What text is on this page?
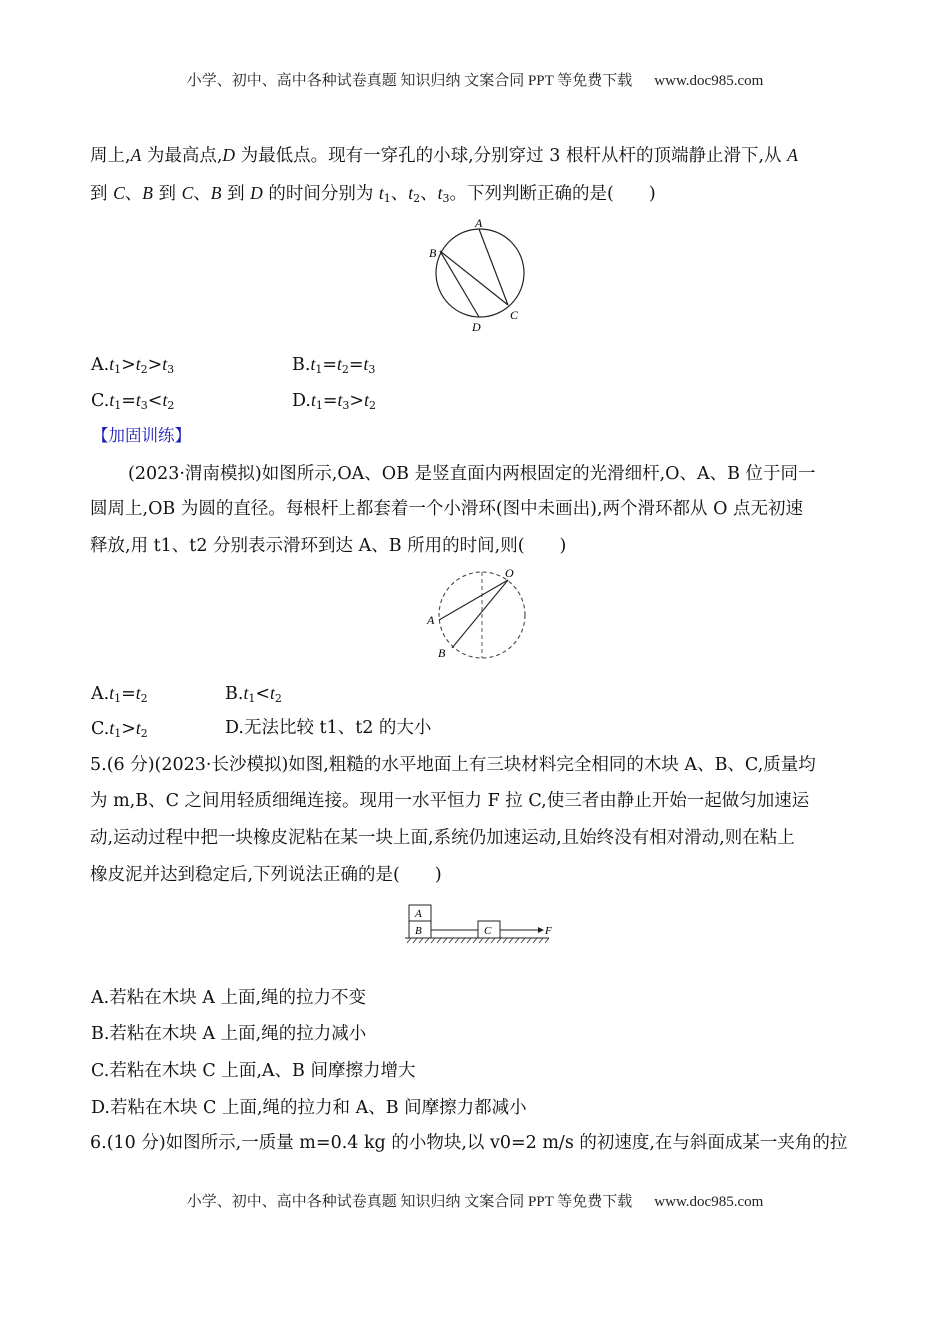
小学、初中、高中各种试卷真题 知识归纳 文案合同 PPT 等免费下载 www.doc985.com
周上,A 为最高点,D 为最低点。现有一穿孔的小球,分别穿过 3 根杆从杆的顶端静止滑下,从 A
到 C、B 到 C、B 到 D 的时间分别为 $t_1$、$t_2$、$t_3$。下列判断正确的是(　　)
A
B
C
D
$A.t_1>t_2>t_3$	$B.t_1=t_2=t_3$
$C.t_1=t_3<t_2$	$D.t_1=t_3>t_2$
【加固训练】
(2023·渭南模拟)如图所示,OA、OB 是竖直面内两根固定的光滑细杆,O、A、B 位于同一
圆周上,OB 为圆的直径。每根杆上都套着一个小滑环(图中未画出),两个滑环都从 O 点无初速
释放,用 t1、t2 分别表示滑环到达 A、B 所用的时间,则(　　)
O
A
B
$A.t_1=t_2$	$B.t_1<t_2$
$C.t_1>t_2$	D.无法比较 t1、t2 的大小
5.(6 分)(2023·长沙模拟)如图,粗糙的水平地面上有三块材料完全相同的木块 A、B、C,质量均
为 m,B、C 之间用轻质细绳连接。现用一水平恒力 F 拉 C,使三者由静止开始一起做匀加速运
动,运动过程中把一块橡皮泥粘在某一块上面,系统仍加速运动,且始终没有相对滑动,则在粘上
橡皮泥并达到稳定后,下列说法正确的是(　　)
A
B	C	F
A.若粘在木块 A 上面,绳的拉力不变
B.若粘在木块 A 上面,绳的拉力减小
C.若粘在木块 C 上面,A、B 间摩擦力增大
D.若粘在木块 C 上面,绳的拉力和 A、B 间摩擦力都减小
6.(10 分)如图所示,一质量 m=0.4 kg 的小物块,以 v0=2 m/s 的初速度,在与斜面成某一夹角的拉
小学、初中、高中各种试卷真题 知识归纳 文案合同 PPT 等免费下载 www.doc985.com
